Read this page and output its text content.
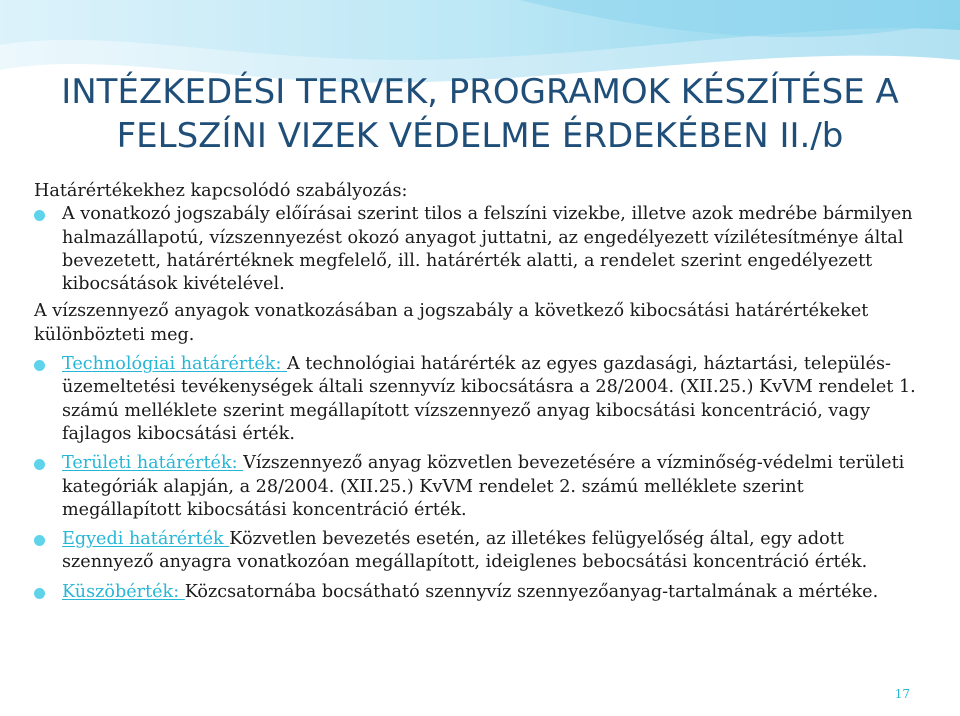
INTÉZKEDÉSI TERVEK, PROGRAMOK KÉSZÍTÉSE A
FELSZÍNI VIZEK VÉDELME ÉRDEKÉBEN II./b

Határértékekhez kapcsolódó szabályozás:

A vonatkozó jogszabály előírásai szerint tilos a felszíni vizekbe, illetve azok medrébe bármilyen halmazállapotú, vízszennyezést okozó anyagot juttatni, az engedélyezett vízilétesítménye által bevezetett, határértéknek megfelelő, ill. határérték alatti, a rendelet szerint engedélyezett kibocsátások kivételével.

A vízszennyező anyagok vonatkozásában a jogszabály a következő kibocsátási határértékeket különbözteti meg.

Technológiai határérték: A technológiai határérték az egyes gazdasági, háztartási, település-üzemeltetési tevékenységek általi szennyvíz kibocsátásra a 28/2004. (XII.25.) KvVM rendelet 1. számú melléklete szerint megállapított vízszennyező anyag kibocsátási koncentráció, vagy fajlagos kibocsátási érték.
Területi határérték: Vízszennyező anyag közvetlen bevezetésére a vízminőség-védelmi területi kategóriák alapján, a 28/2004. (XII.25.) KvVM rendelet 2. számú melléklete szerint megállapított kibocsátási koncentráció érték.
Egyedi határérték Közvetlen bevezetés esetén, az illetékes felügyelőség által, egy adott szennyező anyagra vonatkozóan megállapított, ideiglenes bebocsátási koncentráció érték.
Küszöbérték: Közcsatornába bocsátható szennyvíz szennyezőanyag-tartalmának a mértéke.
17
